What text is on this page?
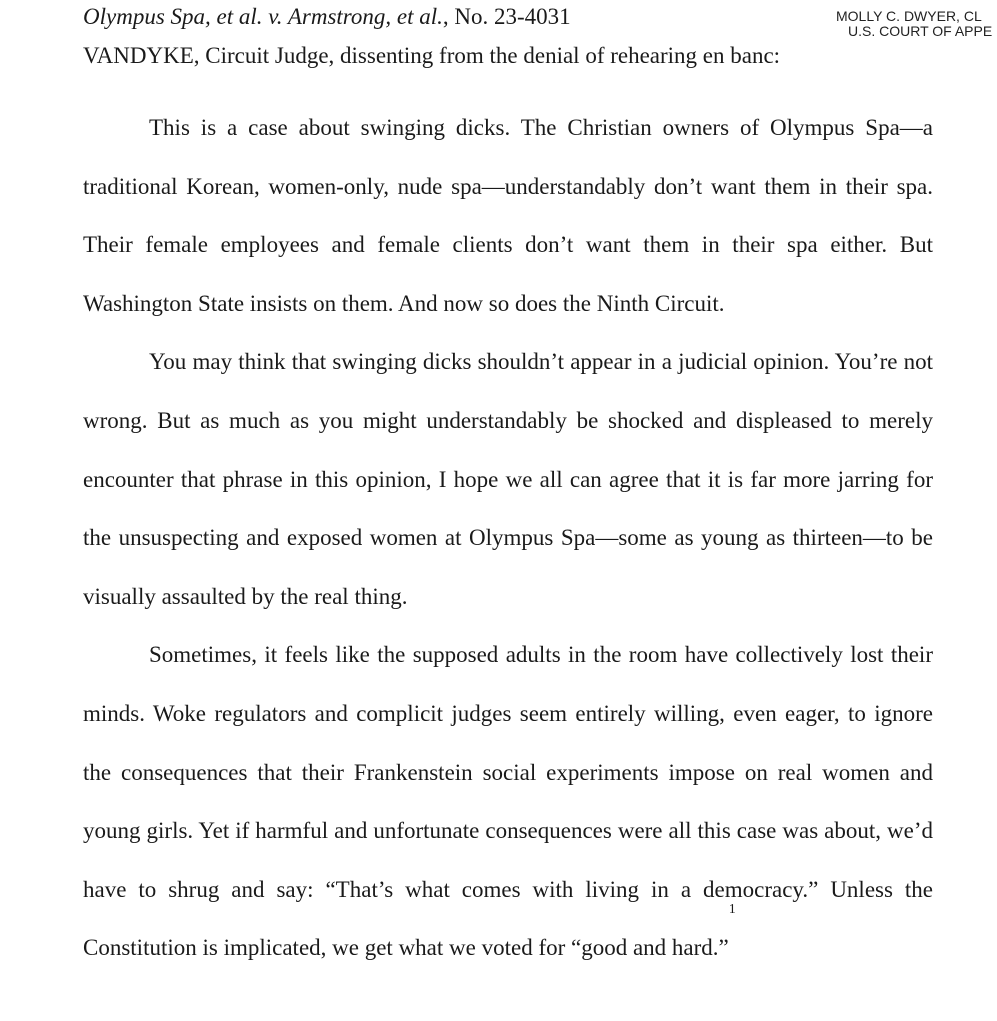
Olympus Spa, et al. v. Armstrong, et al., No. 23-4031	MOLLY C. DWYER, CL
U.S. COURT OF APPE
VANDYKE, Circuit Judge, dissenting from the denial of rehearing en banc:

This is a case about swinging dicks. The Christian owners of Olympus Spa—a traditional Korean, women-only, nude spa—understandably don’t want them in their spa. Their female employees and female clients don’t want them in their spa either. But Washington State insists on them. And now so does the Ninth Circuit.

You may think that swinging dicks shouldn’t appear in a judicial opinion. You’re not wrong. But as much as you might understandably be shocked and displeased to merely encounter that phrase in this opinion, I hope we all can agree that it is far more jarring for the unsuspecting and exposed women at Olympus Spa—some as young as thirteen—to be visually assaulted by the real thing.

Sometimes, it feels like the supposed adults in the room have collectively lost their minds. Woke regulators and complicit judges seem entirely willing, even eager, to ignore the consequences that their Frankenstein social experiments impose on real women and young girls. Yet if harmful and unfortunate consequences were all this case was about, we’d have to shrug and say: “That’s what comes with living in a democracy.” Unless the Constitution is implicated, we get what we voted for “good and hard.”$^1$
